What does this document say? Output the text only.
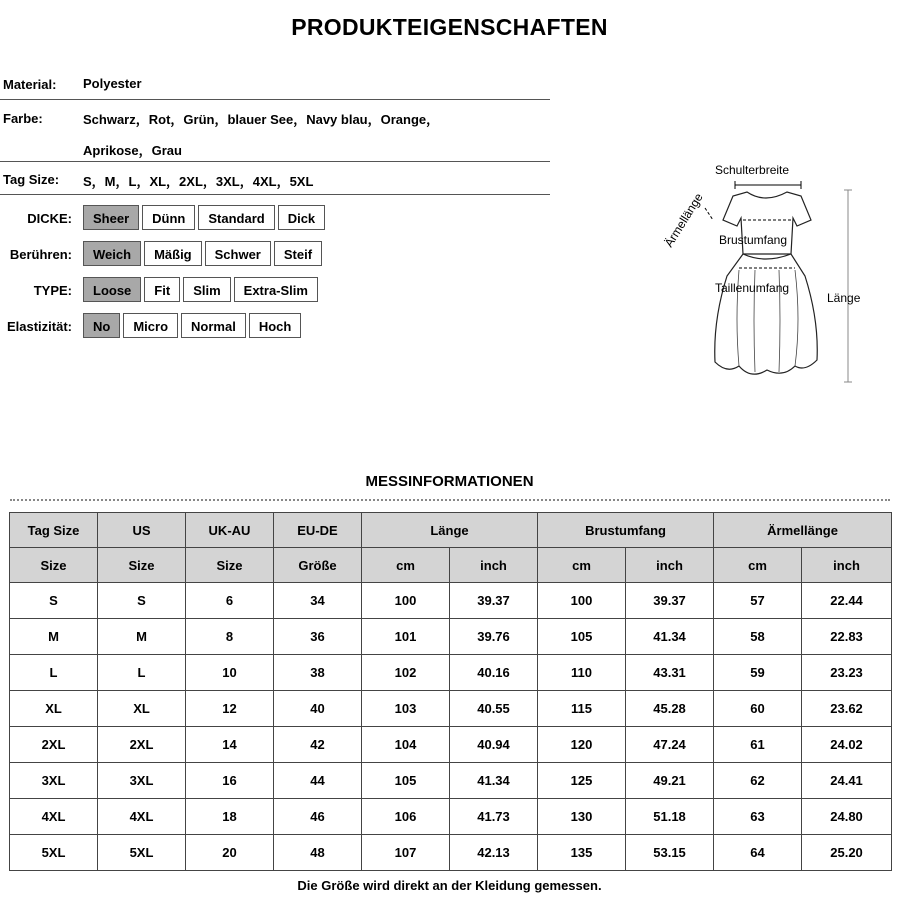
PRODUKTEIGENSCHAFTEN
Material: Polyester
Farbe:	Schwarz，Rot，Grün，blauer See，Navy blau，Orange，
Aprikose，Grau
Tag Size: S，M，L，XL，2XL，3XL，4XL，5XL
DICKE:	Sheer	Dünn	Standard	Dick
Berühren:	Weich	Mäßig	Schwer	Steif
TYPE:	Loose	Fit	Slim	Extra-Slim
Elastizität:	No	Micro	Normal	Hoch
Schulterbreite
Ärmellänge
Länge
Brustumfang
Taillenumfang
MESSINFORMATIONEN
Tag Size	US	UK-AU	EU-DE	Länge		Brustumfang		Ärmellänge	
Size	Size	Size	Größe	cm	inch	cm	inch	cm	inch
S	S	6	34	100	39.37	100	39.37	57	22.44
M	M	8	36	101	39.76	105	41.34	58	22.83
L	L	10	38	102	40.16	110	43.31	59	23.23
XL	XL	12	40	103	40.55	115	45.28	60	23.62
2XL	2XL	14	42	104	40.94	120	47.24	61	24.02
3XL	3XL	16	44	105	41.34	125	49.21	62	24.41
4XL	4XL	18	46	106	41.73	130	51.18	63	24.80
5XL	5XL	20	48	107	42.13	135	53.15	64	25.20
Die Größe wird direkt an der Kleidung gemessen.
